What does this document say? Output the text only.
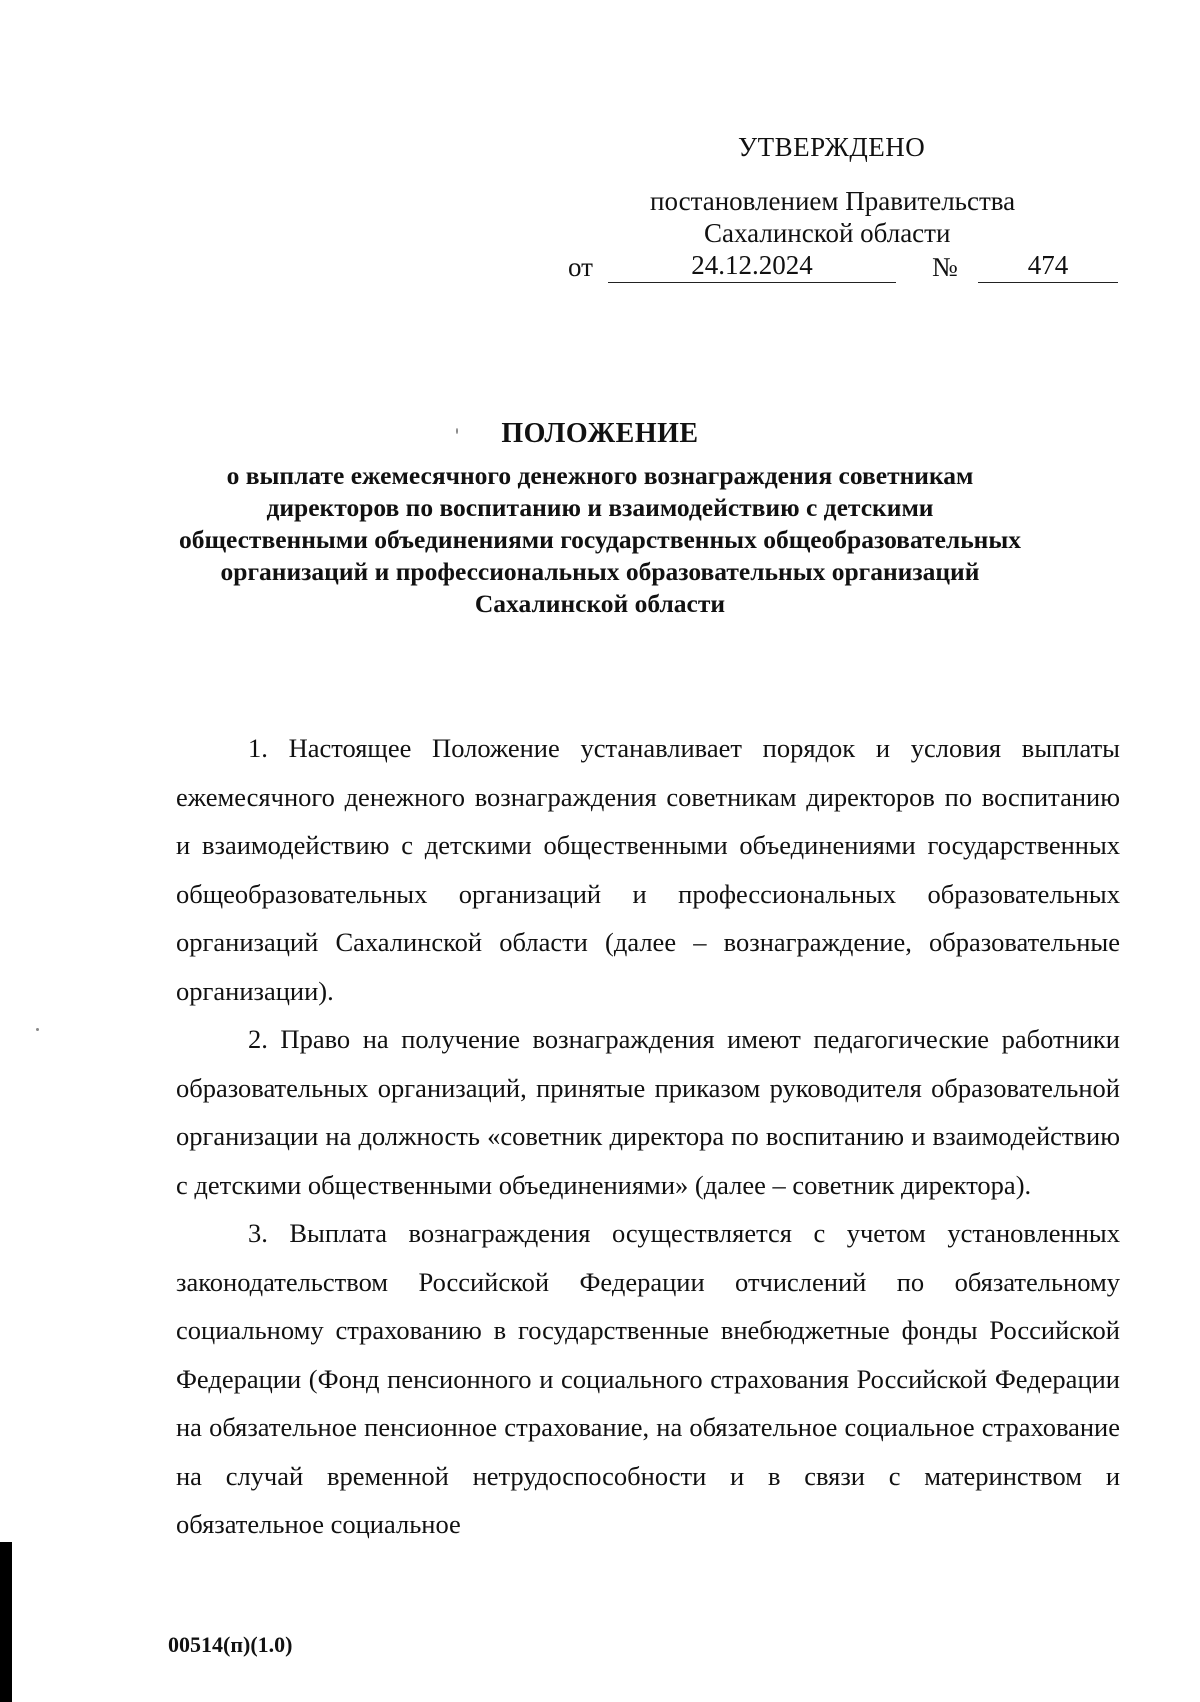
УТВЕРЖДЕНО
постановлением Правительства
Сахалинской области
от	24.12.2024	№	474
ПОЛОЖЕНИЕ
о выплате ежемесячного денежного вознаграждения советникам
директоров по воспитанию и взаимодействию с детскими
общественными объединениями государственных общеобразовательных
организаций и профессиональных образовательных организаций
Сахалинской области

1. Настоящее Положение устанавливает порядок и условия выплаты ежемесячного денежного вознаграждения советникам директоров по воспитанию и взаимодействию с детскими общественными объединениями государственных общеобразовательных организаций и профессиональных образовательных организаций Сахалинской области (далее – вознаграждение, образовательные организации).

2. Право на получение вознаграждения имеют педагогические работники образовательных организаций, принятые приказом руководителя образовательной организации на должность «советник директора по воспитанию и взаимодействию с детскими общественными объединениями» (далее – советник директора).

3. Выплата вознаграждения осуществляется с учетом установленных законодательством Российской Федерации отчислений по обязательному социальному страхованию в государственные внебюджетные фонды Российской Федерации (Фонд пенсионного и социального страхования Российской Федерации на обязательное пенсионное страхование, на обязательное социальное страхование на случай временной нетрудоспособности и в связи с материнством и обязательное социальное

00514(п)(1.0)
